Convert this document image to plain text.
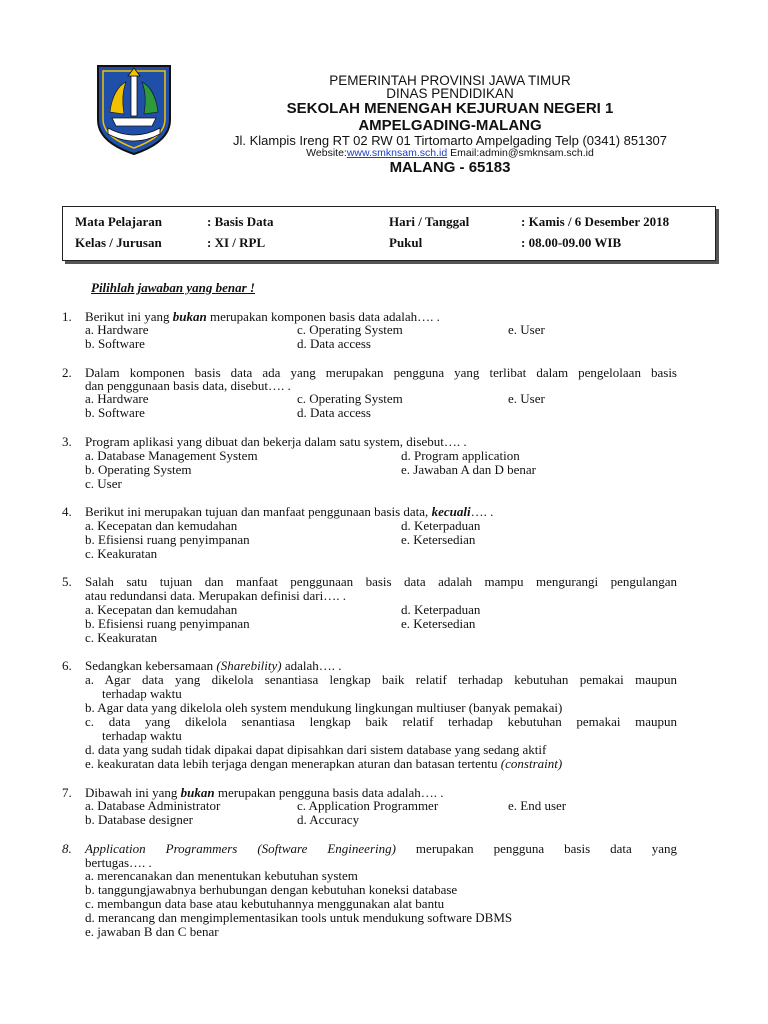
PEMERINTAH PROVINSI JAWA TIMUR
DINAS PENDIDIKAN
SEKOLAH MENENGAH KEJURUAN NEGERI 1
AMPELGADING-MALANG
Jl. Klampis Ireng RT 02 RW 01 Tirtomarto Ampelgading Telp (0341) 851307
Website:www.smknsam.sch.id Email:admin@smknsam.sch.id
MALANG - 65183
Mata Pelajaran	: Basis Data	Hari / Tanggal	: Kamis / 6 Desember 2018
Kelas / Jurusan	: XI / RPL	Pukul	: 08.00-09.00 WIB
Pilihlah jawaban yang benar !
1. Berikut ini yang bukan merupakan komponen basis data adalah…. .
a. Hardware	c. Operating System	e. User
b. Software	d. Data access
2. Dalam komponen basis data ada yang merupakan pengguna yang terlibat dalam pengelolaan basis
dan penggunaan basis data, disebut…. .
a. Hardware	c. Operating System	e. User
b. Software	d. Data access
3. Program aplikasi yang dibuat dan bekerja dalam satu system, disebut…. .
a. Database Management System	d. Program application
b. Operating System	e. Jawaban A dan D benar
c. User
4. Berikut ini merupakan tujuan dan manfaat penggunaan basis data, kecuali…. .
a. Kecepatan dan kemudahan	d. Keterpaduan
b. Efisiensi ruang penyimpanan	e. Ketersedian
c. Keakuratan
5. Salah satu tujuan dan manfaat penggunaan basis data adalah mampu mengurangi pengulangan
atau redundansi data. Merupakan definisi dari…. .
a. Kecepatan dan kemudahan	d. Keterpaduan
b. Efisiensi ruang penyimpanan	e. Ketersedian
c. Keakuratan
6. Sedangkan kebersamaan (Sharebility) adalah…. .
a. Agar data yang dikelola senantiasa lengkap baik relatif terhadap kebutuhan pemakai maupun
terhadap waktu
b. Agar data yang dikelola oleh system mendukung lingkungan multiuser (banyak pemakai)
c. data yang dikelola senantiasa lengkap baik relatif terhadap kebutuhan pemakai maupun
terhadap waktu
d. data yang sudah tidak dipakai dapat dipisahkan dari sistem database yang sedang aktif
e. keakuratan data lebih terjaga dengan menerapkan aturan dan batasan tertentu (constraint)
7. Dibawah ini yang bukan merupakan pengguna basis data adalah…. .
a. Database Administrator	c. Application Programmer	e. End user
b. Database designer	d. Accuracy
8. Application Programmers (Software Engineering) merupakan pengguna basis data yang
bertugas…. .
a. merencanakan dan menentukan kebutuhan system
b. tanggungjawabnya berhubungan dengan kebutuhan koneksi database
c. membangun data base atau kebutuhannya menggunakan alat bantu
d. merancang dan mengimplementasikan tools untuk mendukung software DBMS
e. jawaban B dan C benar
